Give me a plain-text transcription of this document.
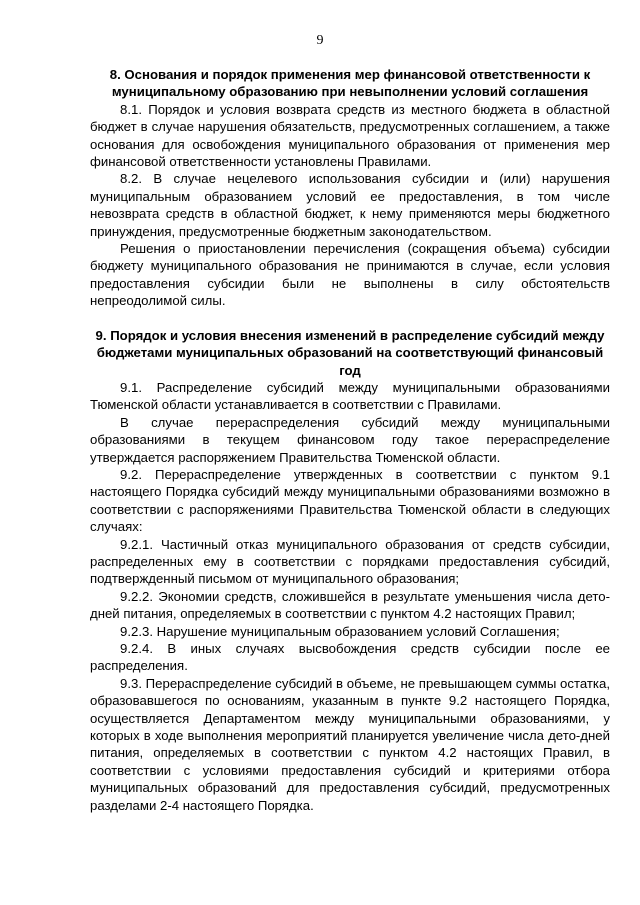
9
8. Основания и порядок применения мер финансовой ответственности к муниципальному образованию при невыполнении условий соглашения

8.1. Порядок и условия возврата средств из местного бюджета в областной бюджет в случае нарушения обязательств, предусмотренных соглашением, а также основания для освобождения муниципального образования от применения мер финансовой ответственности установлены Правилами.

8.2. В случае нецелевого использования субсидии и (или) нарушения муниципальным образованием условий ее предоставления, в том числе невозврата средств в областной бюджет, к нему применяются меры бюджетного принуждения, предусмотренные бюджетным законодательством.

Решения о приостановлении перечисления (сокращения объема) субсидии бюджету муниципального образования не принимаются в случае, если условия предоставления субсидии были не выполнены в силу обстоятельств непреодолимой силы.

9. Порядок и условия внесения изменений в распределение субсидий между бюджетами муниципальных образований на соответствующий финансовый год

9.1. Распределение субсидий между муниципальными образованиями Тюменской области устанавливается в соответствии с Правилами.

В случае перераспределения субсидий между муниципальными образованиями в текущем финансовом году такое перераспределение утверждается распоряжением Правительства Тюменской области.

9.2. Перераспределение утвержденных в соответствии с пунктом 9.1 настоящего Порядка субсидий между муниципальными образованиями возможно в соответствии с распоряжениями Правительства Тюменской области в следующих случаях:

9.2.1. Частичный отказ муниципального образования от средств субсидии, распределенных ему в соответствии с порядками предоставления субсидий, подтвержденный письмом от муниципального образования;

9.2.2. Экономии средств, сложившейся в результате уменьшения числа дето-дней питания, определяемых в соответствии с пунктом 4.2 настоящих Правил;

9.2.3. Нарушение муниципальным образованием условий Соглашения;

9.2.4. В иных случаях высвобождения средств субсидии после ее распределения.

9.3. Перераспределение субсидий в объеме, не превышающем суммы остатка, образовавшегося по основаниям, указанным в пункте 9.2 настоящего Порядка, осуществляется Департаментом между муниципальными образованиями, у которых в ходе выполнения мероприятий планируется увеличение числа дето-дней питания, определяемых в соответствии с пунктом 4.2 настоящих Правил, в соответствии с условиями предоставления субсидий и критериями отбора муниципальных образований для предоставления субсидий, предусмотренных разделами 2-4 настоящего Порядка.
